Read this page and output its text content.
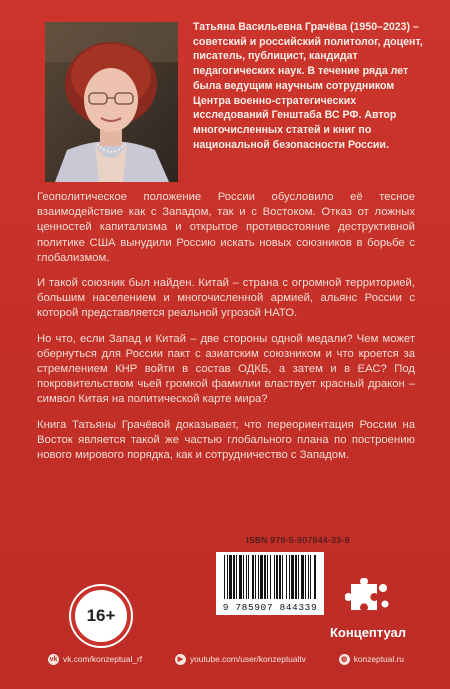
Татьяна Васильевна Грачёва (1950–2023) – советский и российский политолог, доцент, писатель, публицист, кандидат педагогических наук. В течение ряда лет была ведущим научным сотрудником Центра военно-стратегических исследований Генштаба ВС РФ. Автор многочисленных статей и книг по национальной безопасности России.

Геополитическое положение России обусловило её тесное взаимодействие как с Западом, так и с Востоком. Отказ от ложных ценностей капитализма и открытое противостояние деструктивной политике США вынудили Россию искать новых союзников в борьбе с глобализмом.

И такой союзник был найден. Китай – страна с огромной территорией, большим населением и многочисленной армией, альянс России с которой представляется реальной угрозой НАТО.

Но что, если Запад и Китай – две стороны одной медали? Чем может обернуться для России пакт с азиатским союзником и что кроется за стремлением КНР войти в состав ОДКБ, а затем и в ЕАС? Под покровительством чьей громкой фамилии властвует красный дракон – символ Китая на политической карте мира?

Книга Татьяны Грачёвой доказывает, что переориентация России на Восток является такой же частью глобального плана по построению нового мирового порядка, как и сотрудничество с Западом.

ISBN 978-5-907844-33-9
16+	9 785907 844339
Концептуал
vk vk.com/konzeptual_rf	▶ youtube.com/user/konzeptualtv	◍ konzeptual.ru
